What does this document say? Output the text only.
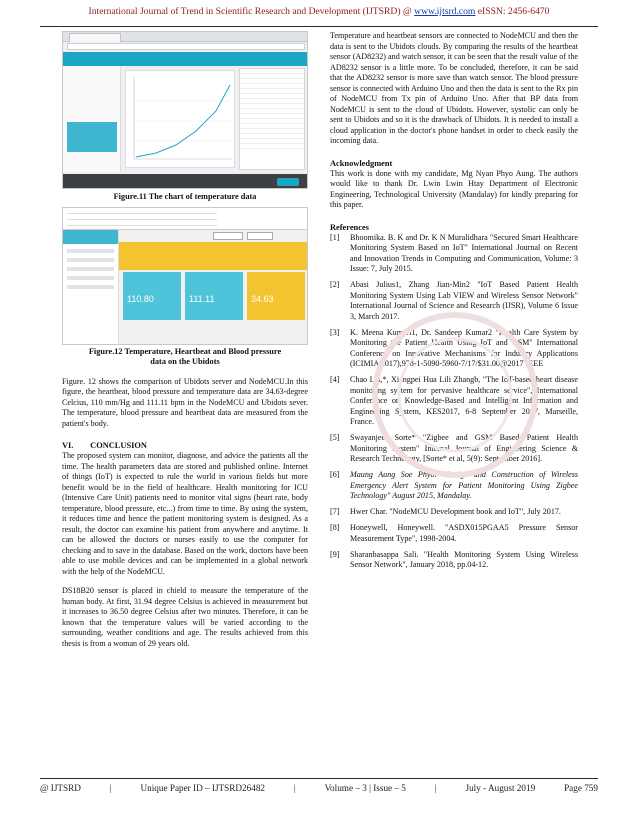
International Journal of Trend in Scientific Research and Development (IJTSRD) @ www.ijtsrd.com eISSN: 2456-6470
Figure.11 The chart of temperature data
110.80	111.11	34.63
Figure.12 Temperature, Heartbeat and Blood pressure
data on the Ubidots

Figure. 12 shows the comparison of Ubidots server and NodeMCU.In this figure, the heartbeat, blood pressure and temperature data are 34.63-degree Celcius, 110 mm/Hg and 111.11 bpm in the NodeMCU and Ubidots sever. The temperature, blood pressure and heartbeat data are measured from the patient's body.

VI.        CONCLUSION

The proposed system can monitor, diagnose, and advice the patients all the time. The health parameters data are stored and published online. Internet of things (IoT) is expected to rule the world in various fields but more benefit would be in the field of healthcare. Health monitoring for ICU (Intensive Care Unit) patients need to monitor vital signs (heart rate, body temperature, blood pressure, etc...) from time to time. By using the system, it reduces time and hence the patient monitoring system is designed. As a result, the doctor can examine his patient from anywhere and anytime. It can be allowed the doctors or nurses easily to use the computer for checking and to save in the database. Based on the work, doctors have been able to use mobile devices and can be implemented in a global network with the help of the NodeMCU.

DS18B20 sensor is placed in chield to measure the temperature of the human body. At first, 31.94 degree Celsius is achieved in measurement but it increases to 36.50 degree Celsius after two minutes. Therefore, it can be known that the temperature values will be varied according to the surrounding, weather conditions and age. The results achieved from this thesis is from a woman of 29 years old.

Temperature and heartbeat sensors are connected to NodeMCU and then the data is sent to the Ubidots clouds. By comparing the results of the heartbeat sensor (AD8232) and watch sensor, it can be seen that the result value of the AD8232 sensor is a little more. To be concluded, therefore, it can be said that the AD8232 sensor is more save than watch sensor. The blood pressure sensor is connected with Arduino Uno and then the data is sent to the Rx pin of NodeMCU from Tx pin of Arduino Uno. After that BP data from NodeMCU is sent to the cloud of Ubidots. However, systolic can only be sent to Ubidots and so it is the drawback of Ubidots. It is needed to install a cloud application in the doctor's phone handset in order to check easily the incoming data.

Acknowledgment

This work is done with my candidate, Mg Nyan Phyo Aung. The authors would like to thank Dr. Lwin Lwin Htay Department of Electronic Engineering, Technological University (Mandalay) for kindly preparing for this paper.

References
[1]	Bhoomika. B. K and Dr. K N Muralidhara "Secured Smart Healthcare Monitoring System Based on IoT" International Journal on Recent and Innovation Trends in Computing and Communication, Volume: 3 Issue: 7, July 2015.
[2]	Abasi Julius1, Zhang Jian-Min2 "IoT Based Patient Health Monitoring System Using Lab VIEW and Wireless Sensor Network" International Journal of Science and Research (IJSR), Volume 6 Issue 3, March 2017.
[3]	K. Meena Kumari1, Dr. Sandeep Kumar2 "Health Care System by Monitoring the Patient Health Using IoT and GSM" International Conference on Innovative Mechanisms for Industry Applications (ICIMIA 2017),978-1-5090-5960-7/17/$31.00@2017 IEEE
[4]	Chao Lia,*, Xiangpei Hua Lili Zhangb, "The IoT-based heart disease monitoring system for pervasive healthcare service", International Conference on Knowledge-Based and Intelligent Information and Engineering System, KES2017, 6-8 September 2017, Marseille, France.
[5]	Swayanjeet Sorte* "Zigbee and GSM Based Patient Health Monitoring System" Internal Journal of Engineering Science & Research Technology, [Sorte* et al, 5(9): September 2016].
[6]	Maung Aung Soe Phyo. "Design and Construction of Wireless Emergency Alert System for Patient Monitoring Using Zigbee Technology" August 2015, Mandalay.
[7]	Hwer Char. "NodeMCU Development book and IoT", July 2017.
[8]	Honeywell, Honeywell. "ASDX015PGAA5 Pressure Sensor Measurement Type", 1998-2004.
[9]	Sharanbasappa Sali. "Health Monitoring System Using Wireless Sensor Network", January 2018, pp.04-12.
@ IJTSRD	|	Unique Paper ID – IJTSRD26482	|	Volume – 3 | Issue – 5	|	July - August 2019	Page 759
